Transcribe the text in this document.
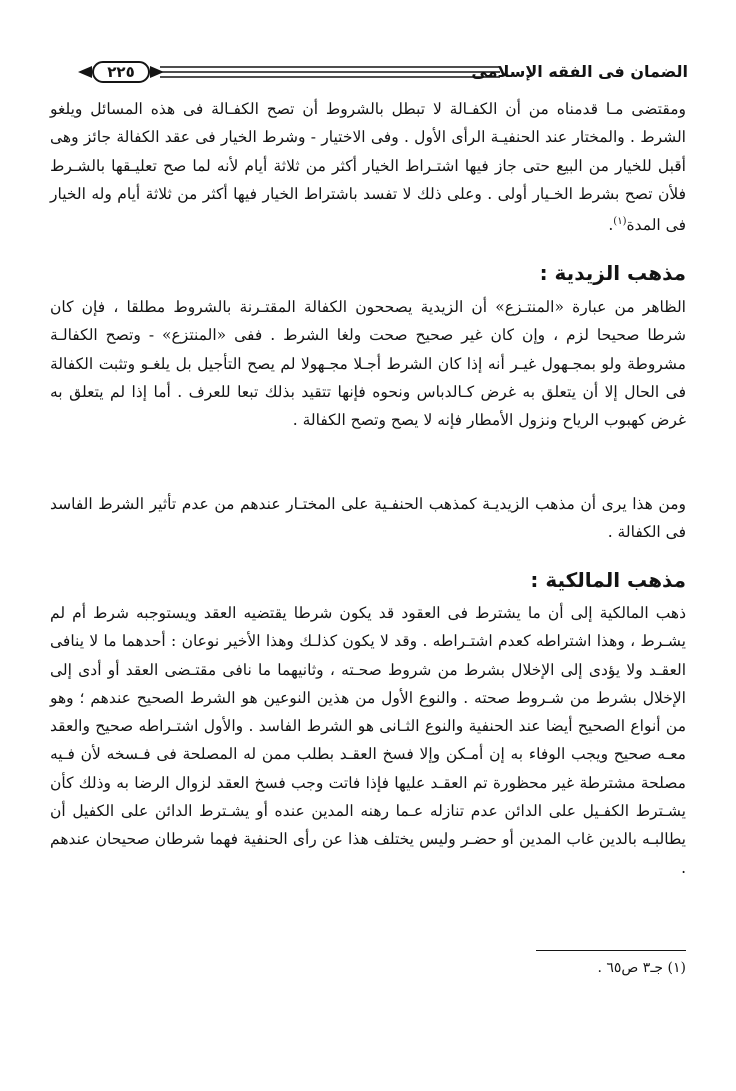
الضمان فى الفقه الإسلامى
٢٢٥
ومقتضى مـا قدمناه من أن الكفـالة لا تبطل بالشروط أن تصح الكفـالة فى هذه المسائل ويلغو الشرط . والمختار عند الحنفيـة الرأى الأول . وفى الاختيار - وشرط الخيار فى عقد الكفالة جائز وهى أقبل للخيار من البيع حتى جاز فيها اشتـراط الخيار أكثر من ثلاثة أيام لأنه لما صح تعليـقها بالشـرط فلأن تصح بشرط الخـيار أولى . وعلى ذلك لا تفسد باشتراط الخيار فيها أكثر من ثلاثة أيام وله الخيار فى المدة$^{(١)}$.
مذهب الزيدية :
الظاهر من عبارة «المنتـزع» أن الزيدية يصححون الكفالة المقتـرنة بالشروط مطلقا ، فإن كان شرطا صحيحا لزم ، وإن كان غير صحيح صحت ولغا الشرط . ففى «المنتزع» - وتصح الكفالـة مشروطة ولو بمجـهول غيـر أنه إذا كان الشرط أجـلا مجـهولا لم يصح التأجيل بل يلغـو وتثبت الكفالة فى الحال إلا أن يتعلق به غرض كـالدباس ونحوه فإنها تتقيد بذلك تبعا للعرف . أما إذا لم يتعلق به غرض كهبوب الرياح ونزول الأمطار فإنه لا يصح وتصح الكفالة .
ومن هذا يرى أن مذهب الزيديـة كمذهب الحنفـية على المختـار عندهم من عدم تأثير الشرط الفاسد فى الكفالة .
مذهب المالكية :
ذهب المالكية إلى أن ما يشترط فى العقود قد يكون شرطا يقتضيه العقد ويستوجبه شرط أم لم يشـرط ، وهذا اشتراطه كعدم اشتـراطه . وقد لا يكون كذلـك وهذا الأخير نوعان : أحدهما ما لا ينافى العقـد ولا يؤدى إلى الإخلال بشرط من شروط صحـته ، وثانيهما ما نافى مقتـضى العقد أو أدى إلى الإخلال بشرط من شـروط صحته . والنوع الأول من هذين النوعين هو الشرط الصحيح عندهم ؛ وهو من أنواع الصحيح أيضا عند الحنفية والنوع الثـانى هو الشرط الفاسد . والأول اشتـراطه صحيح والعقد معـه صحيح ويجب الوفاء به إن أمـكن وإلا فسخ العقـد بطلب ممن له المصلحة فى فـسخه لأن فـيه مصلحة مشترطة غير محظورة تم العقـد عليها فإذا فاتت وجب فسخ العقد لزوال الرضا به وذلك كأن يشـترط الكفـيل على الدائن عدم تنازله عـما رهنه المدين عنده أو يشـترط الدائن على الكفيل أن يطالبـه بالدين غاب المدين أو حضـر وليس يختلف هذا عن رأى الحنفية فهما شرطان صحيحان عندهم .
(١) جـ٣ ص٦٥ .
